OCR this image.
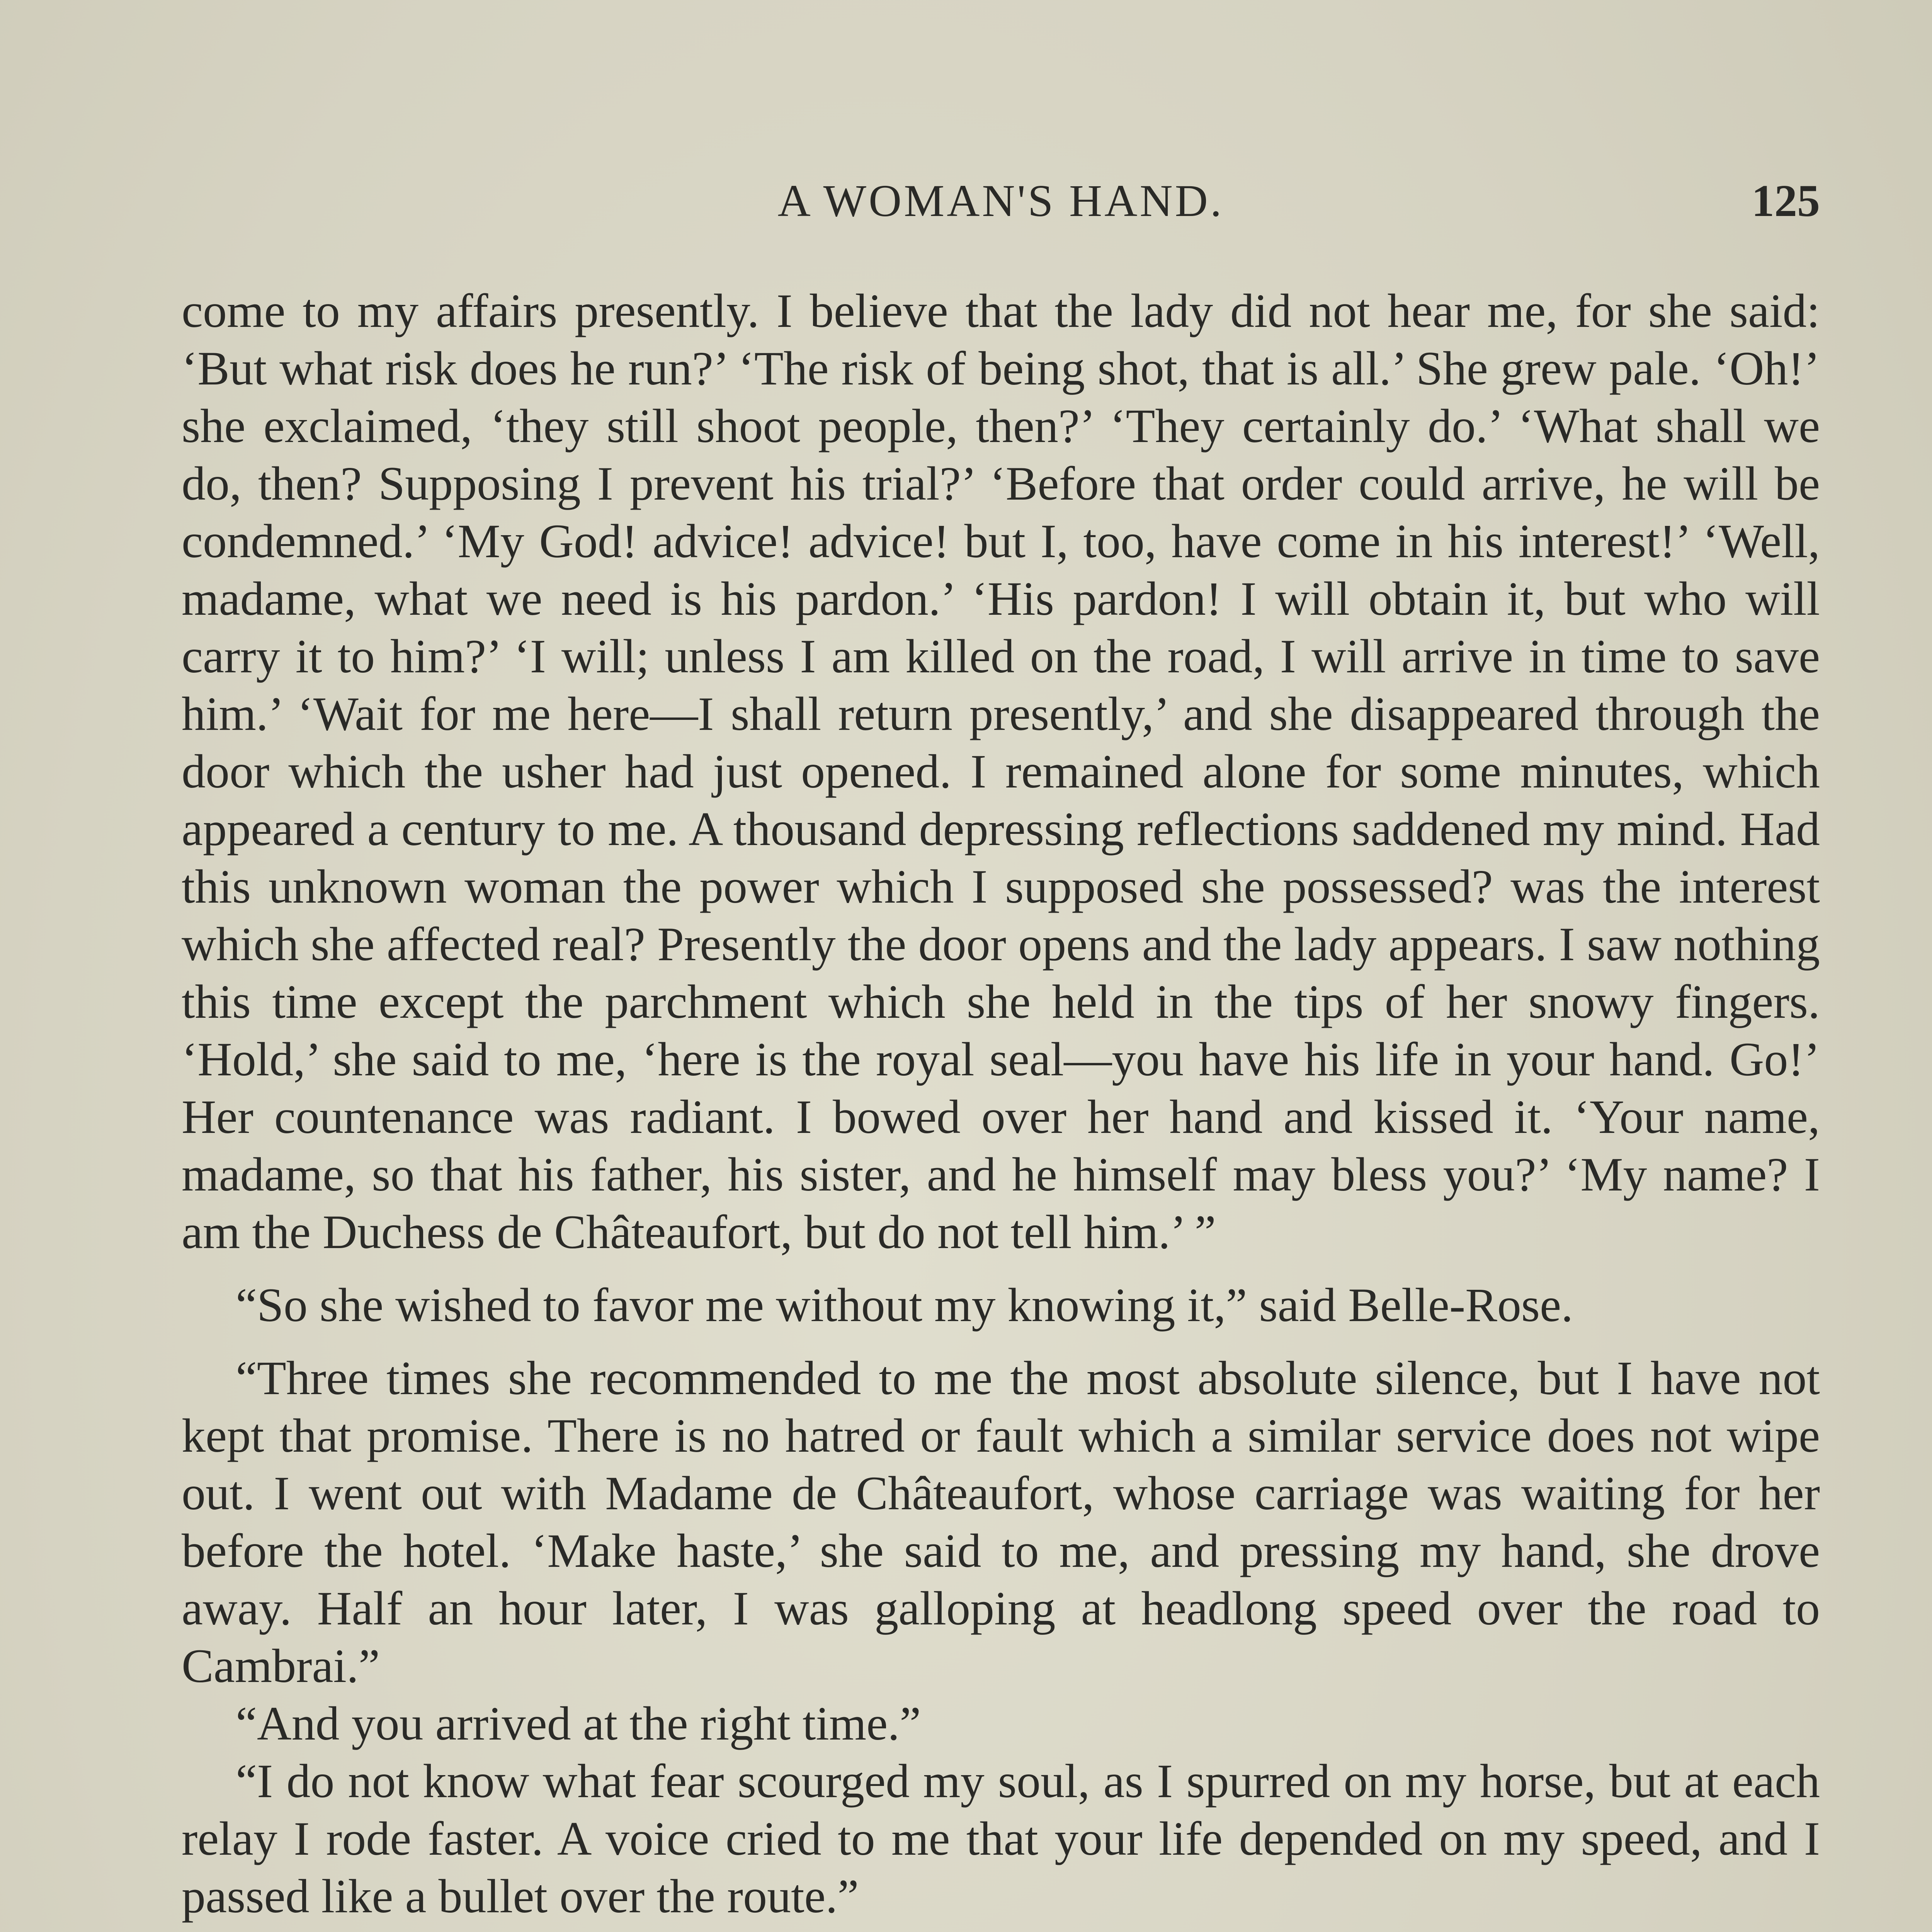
A WOMAN'S HAND.	125

come to my affairs presently. I believe that the lady did not hear me, for she said: ‘But what risk does he run?’ ‘The risk of being shot, that is all.’ She grew pale. ‘Oh!’ she exclaimed, ‘they still shoot people, then?’ ‘They certainly do.’ ‘What shall we do, then? Supposing I prevent his trial?’ ‘Before that order could arrive, he will be condemned.’ ‘My God! advice! advice! but I, too, have come in his interest!’ ‘Well, madame, what we need is his pardon.’ ‘His pardon! I will obtain it, but who will carry it to him?’ ‘I will; unless I am killed on the road, I will arrive in time to save him.’ ‘Wait for me here—I shall return presently,’ and she disappeared through the door which the usher had just opened. I remained alone for some minutes, which appeared a century to me. A thousand depressing reflections saddened my mind. Had this unknown woman the power which I supposed she possessed? was the interest which she affected real? Presently the door opens and the lady appears. I saw nothing this time except the parchment which she held in the tips of her snowy fingers. ‘Hold,’ she said to me, ‘here is the royal seal—you have his life in your hand. Go!’ Her countenance was radiant. I bowed over her hand and kissed it. ‘Your name, madame, so that his father, his sister, and he himself may bless you?’ ‘My name? I am the Duchess de Châteaufort, but do not tell him.’ ”

“So she wished to favor me without my knowing it,” said Belle-Rose.

“Three times she recommended to me the most absolute silence, but I have not kept that promise. There is no hatred or fault which a similar service does not wipe out. I went out with Madame de Châteaufort, whose carriage was waiting for her before the hotel. ‘Make haste,’ she said to me, and pressing my hand, she drove away. Half an hour later, I was galloping at headlong speed over the road to Cambrai.”

“And you arrived at the right time.”

“I do not know what fear scourged my soul, as I spurred on my horse, but at each relay I rode faster. A voice cried to me that your life depended on my speed, and I passed like a bullet over the route.”
